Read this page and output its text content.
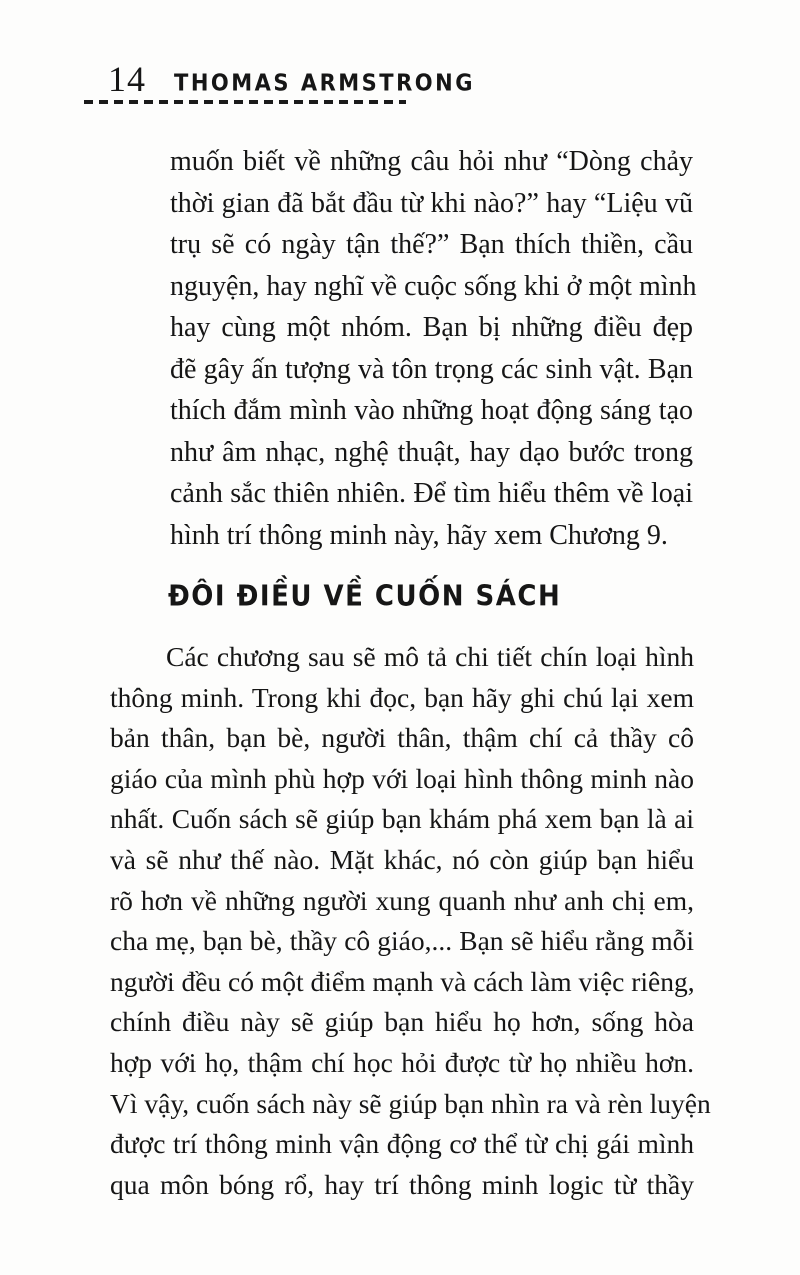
14 THOMAS ARMSTRONG
muốn biết về những câu hỏi như “Dòng chảy
thời gian đã bắt đầu từ khi nào?” hay “Liệu vũ
trụ sẽ có ngày tận thế?” Bạn thích thiền, cầu
nguyện, hay nghĩ về cuộc sống khi ở một mình
hay cùng một nhóm. Bạn bị những điều đẹp
đẽ gây ấn tượng và tôn trọng các sinh vật. Bạn
thích đắm mình vào những hoạt động sáng tạo
như âm nhạc, nghệ thuật, hay dạo bước trong
cảnh sắc thiên nhiên. Để tìm hiểu thêm về loại
hình trí thông minh này, hãy xem Chương 9.
ĐÔI ĐIỀU VỀ CUỐN SÁCH
Các chương sau sẽ mô tả chi tiết chín loại hình
thông minh. Trong khi đọc, bạn hãy ghi chú lại xem
bản thân, bạn bè, người thân, thậm chí cả thầy cô
giáo của mình phù hợp với loại hình thông minh nào
nhất. Cuốn sách sẽ giúp bạn khám phá xem bạn là ai
và sẽ như thế nào. Mặt khác, nó còn giúp bạn hiểu
rõ hơn về những người xung quanh như anh chị em,
cha mẹ, bạn bè, thầy cô giáo,... Bạn sẽ hiểu rằng mỗi
người đều có một điểm mạnh và cách làm việc riêng,
chính điều này sẽ giúp bạn hiểu họ hơn, sống hòa
hợp với họ, thậm chí học hỏi được từ họ nhiều hơn.
Vì vậy, cuốn sách này sẽ giúp bạn nhìn ra và rèn luyện
được trí thông minh vận động cơ thể từ chị gái mình
qua môn bóng rổ, hay trí thông minh logic từ thầy
